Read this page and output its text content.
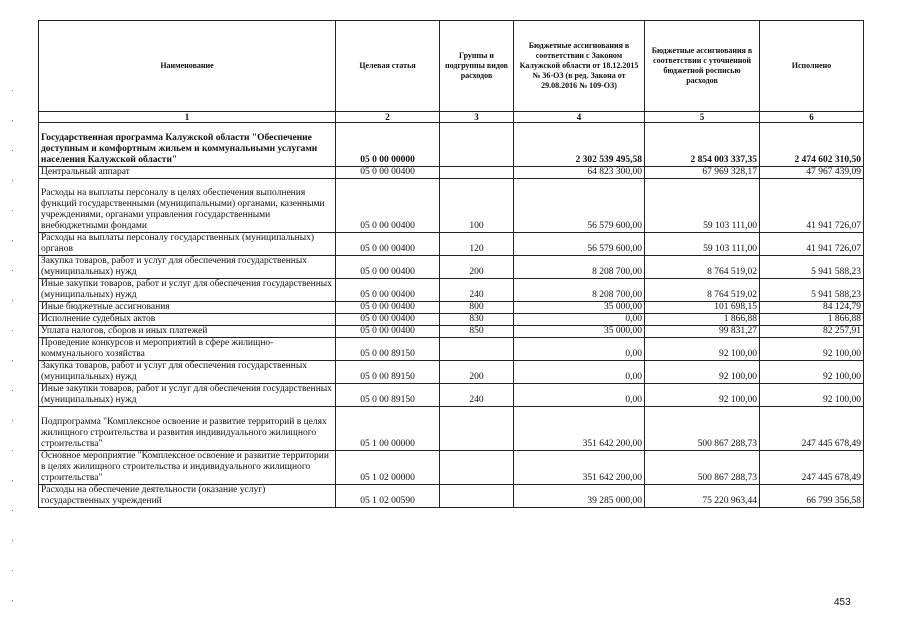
Наименование	Целевая статья	Группы и подгруппы видов расходов	Бюджетные ассигнования в соответствии с Законом Калужской области от 18.12.2015 № 36-ОЗ (в ред. Закона от 29.08.2016 № 109-ОЗ)	Бюджетные ассигнования в соответствии с уточненной бюджетной росписью расходов	Исполнено
1	2	3	4	5	6
Государственная программа Калужской области "Обеспечение доступным и комфортным жильем и коммунальными услугами населения Калужской области"	05 0 00 00000		2 302 539 495,58	2 854 003 337,35	2 474 602 310,50
Центральный аппарат	05 0 00 00400		64 823 300,00	67 969 328,17	47 967 439,09
Расходы на выплаты персоналу в целях обеспечения выполнения функций государственными (муниципальными) органами, казенными учреждениями, органами управления государственными внебюджетными фондами	05 0 00 00400	100	56 579 600,00	59 103 111,00	41 941 726,07
Расходы на выплаты персоналу государственных (муниципальных) органов	05 0 00 00400	120	56 579 600,00	59 103 111,00	41 941 726,07
Закупка товаров, работ и услуг для обеспечения государственных (муниципальных) нужд	05 0 00 00400	200	8 208 700,00	8 764 519,02	5 941 588,23
Иные закупки товаров, работ и услуг для обеспечения государственных (муниципальных) нужд	05 0 00 00400	240	8 208 700,00	8 764 519,02	5 941 588,23
Иные бюджетные ассигнования	05 0 00 00400	800	35 000,00	101 698,15	84 124,79
Исполнение судебных актов	05 0 00 00400	830	0,00	1 866,88	1 866,88
Уплата налогов, сборов и иных платежей	05 0 00 00400	850	35 000,00	99 831,27	82 257,91
Проведение конкурсов и мероприятий в сфере жилищно-коммунального хозяйства	05 0 00 89150		0,00	92 100,00	92 100,00
Закупка товаров, работ и услуг для обеспечения государственных (муниципальных) нужд	05 0 00 89150	200	0,00	92 100,00	92 100,00
Иные закупки товаров, работ и услуг для обеспечения государственных (муниципальных) нужд	05 0 00 89150	240	0,00	92 100,00	92 100,00
Подпрограмма "Комплексное освоение и развитие территорий в целях жилищного строительства и развития индивидуального жилищного строительства"	05 1 00 00000		351 642 200,00	500 867 288,73	247 445 678,49
Основное мероприятие "Комплексное освоение и развитие территории в целях жилищного строительства и индивидуального жилищного строительства"	05 1 02 00000		351 642 200,00	500 867 288,73	247 445 678,49
Расходы на обеспечение деятельности (оказание услуг) государственных учреждений	05 1 02 00590		39 285 000,00	75 220 963,44	66 799 356,58
453
